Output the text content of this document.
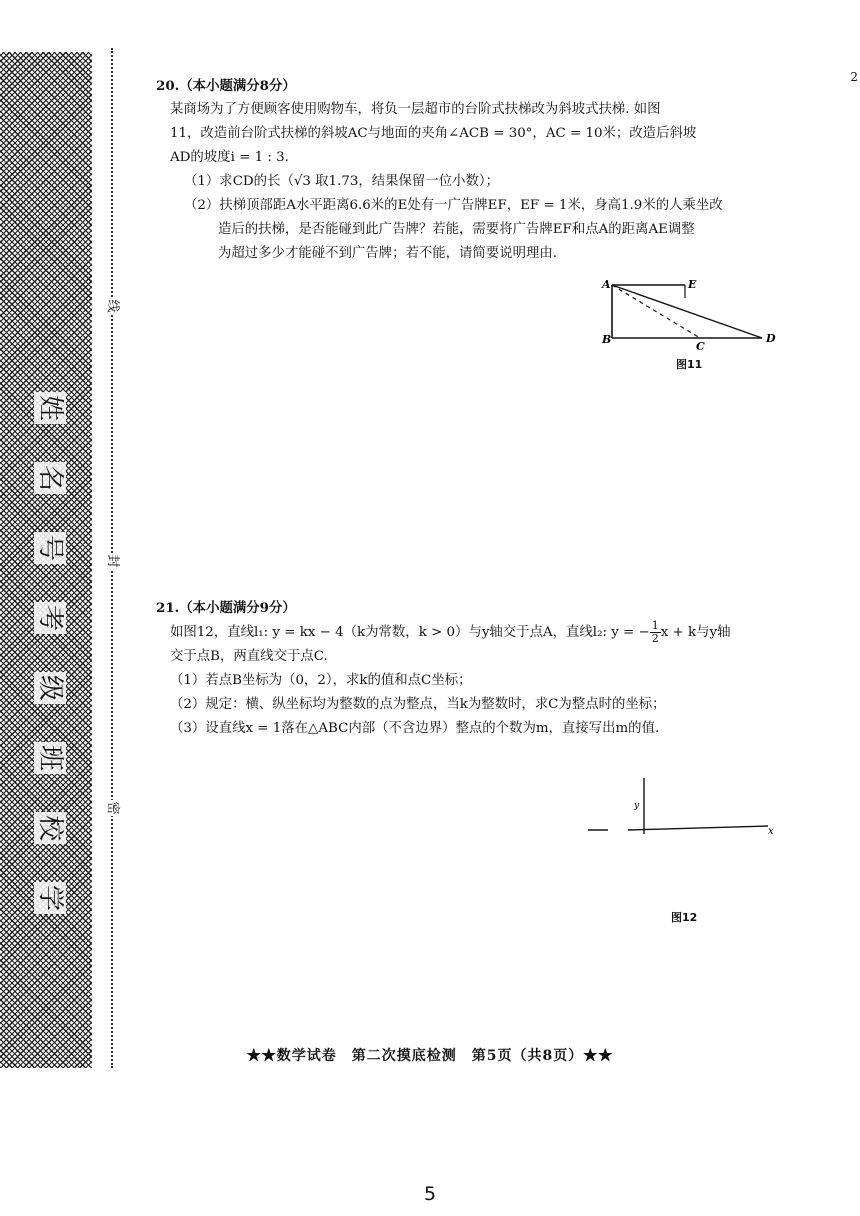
姓
名
号
考
级
班
校
学
线
封
密
2
20.（本小题满分8分）

某商场为了方便顾客使用购物车，将负一层超市的台阶式扶梯改为斜坡式扶梯. 如图

11，改造前台阶式扶梯的斜坡AC与地面的夹角∠ACB = 30°，AC = 10米；改造后斜坡

AD的坡度i = 1 : 3.

（1）求CD的长（√3 取1.73，结果保留一位小数）；

（2）扶梯顶部距A水平距离6.6米的E处有一广告牌EF，EF = 1米，身高1.9米的人乘坐改

造后的扶梯，是否能碰到此广告牌？若能，需要将广告牌EF和点A的距离AE调整

为超过多少才能碰不到广告牌；若不能，请简要说明理由.

A
B
C
D
E
图11
21.（本小题满分9分）

如图12，直线l₁: y = kx − 4（k为常数，k > 0）与y轴交于点A，直线l₂: y = − $\frac{1}{2}$ x + k与y轴

交于点B，两直线交于点C.

（1）若点B坐标为（0，2），求k的值和点C坐标；

（2）规定：横、纵坐标均为整数的点为整点，当k为整数时，求C为整点时的坐标；

（3）设直线x = 1落在△ABC内部（不含边界）整点的个数为m，直接写出m的值.

y
x
图12
★★数学试卷　第二次摸底检测　第5页（共8页）★★
5
